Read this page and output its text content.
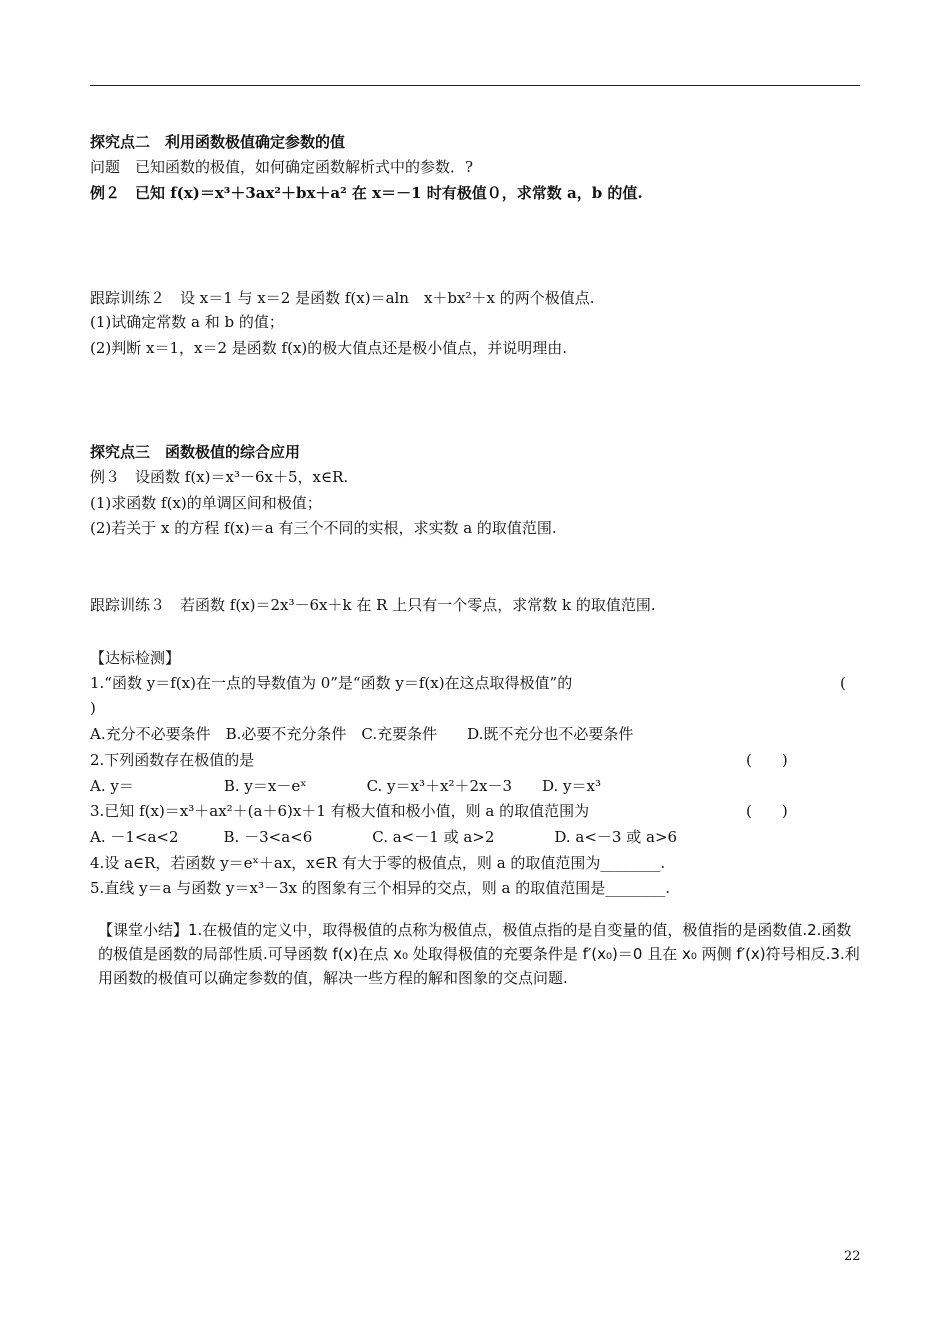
探究点二　利用函数极值确定参数的值
问题　已知函数的极值，如何确定函数解析式中的参数．?
例２　已知 f(x)＝x³＋3ax²＋bx＋a² 在 x＝－1 时有极值０，求常数 a，b 的值.
跟踪训练２　设 x＝1 与 x＝2 是函数 f(x)＝aln　x＋bx²＋x 的两个极值点.
(1)试确定常数 a 和 b 的值；
(2)判断 x＝1，x＝2 是函数 f(x)的极大值点还是极小值点，并说明理由.
探究点三　函数极值的综合应用
例３　设函数 f(x)＝x³－6x＋5，x∈R.
(1)求函数 f(x)的单调区间和极值；
(2)若关于 x 的方程 f(x)＝a 有三个不同的实根，求实数 a 的取值范围.
跟踪训练３　若函数 f(x)＝2x³－6x＋k 在 R 上只有一个零点，求常数 k 的取值范围.
【达标检测】
1.“函数 y＝f(x)在一点的导数值为 0”是“函数 y＝f(x)在这点取得极值”的	(
)
A.充分不必要条件　B.必要不充分条件　C.充要条件　　D.既不充分也不必要条件
2.下列函数存在极值的是	(　　)
A. y＝　　　　　　B. y＝x－eˣ　　　　C. y＝x³＋x²＋2x－3　　D. y＝x³
3.已知 f(x)＝x³＋ax²＋(a＋6)x＋1 有极大值和极小值，则 a 的取值范围为	(　　)
A. －1<a<2　　　B. －3<a<6　　　　C. a<－1 或 a>2　　　　D. a<－3 或 a>6
4.设 a∈R，若函数 y＝eˣ＋ax，x∈R 有大于零的极值点，则 a 的取值范围为________.
5.直线 y＝a 与函数 y＝x³－3x 的图象有三个相异的交点，则 a 的取值范围是________.
【课堂小结】1.在极值的定义中，取得极值的点称为极值点，极值点指的是自变量的值，极值指的是函数值.2.函数的极值是函数的局部性质.可导函数 f(x)在点 x₀ 处取得极值的充要条件是 f′(x₀)＝0 且在 x₀ 两侧 f′(x)符号相反.3.利用函数的极值可以确定参数的值，解决一些方程的解和图象的交点问题.
22
